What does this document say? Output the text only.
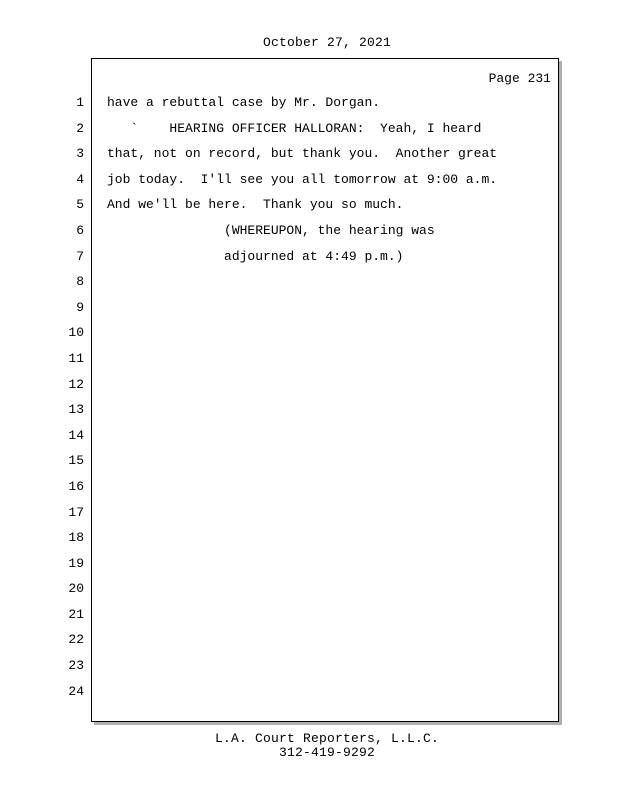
October 27, 2021
Page 231
1
2
3
4
5
6
7
8
9
10
11
12
13
14
15
16
17
18
19
20
21
22
23
24
have a rebuttal case by Mr. Dorgan.
`    HEARING OFFICER HALLORAN:  Yeah, I heard
that, not on record, but thank you.  Another great
job today.  I'll see you all tomorrow at 9:00 a.m.
And we'll be here.  Thank you so much.
(WHEREUPON, the hearing was
adjourned at 4:49 p.m.)
L.A. Court Reporters, L.L.C.
312-419-9292
